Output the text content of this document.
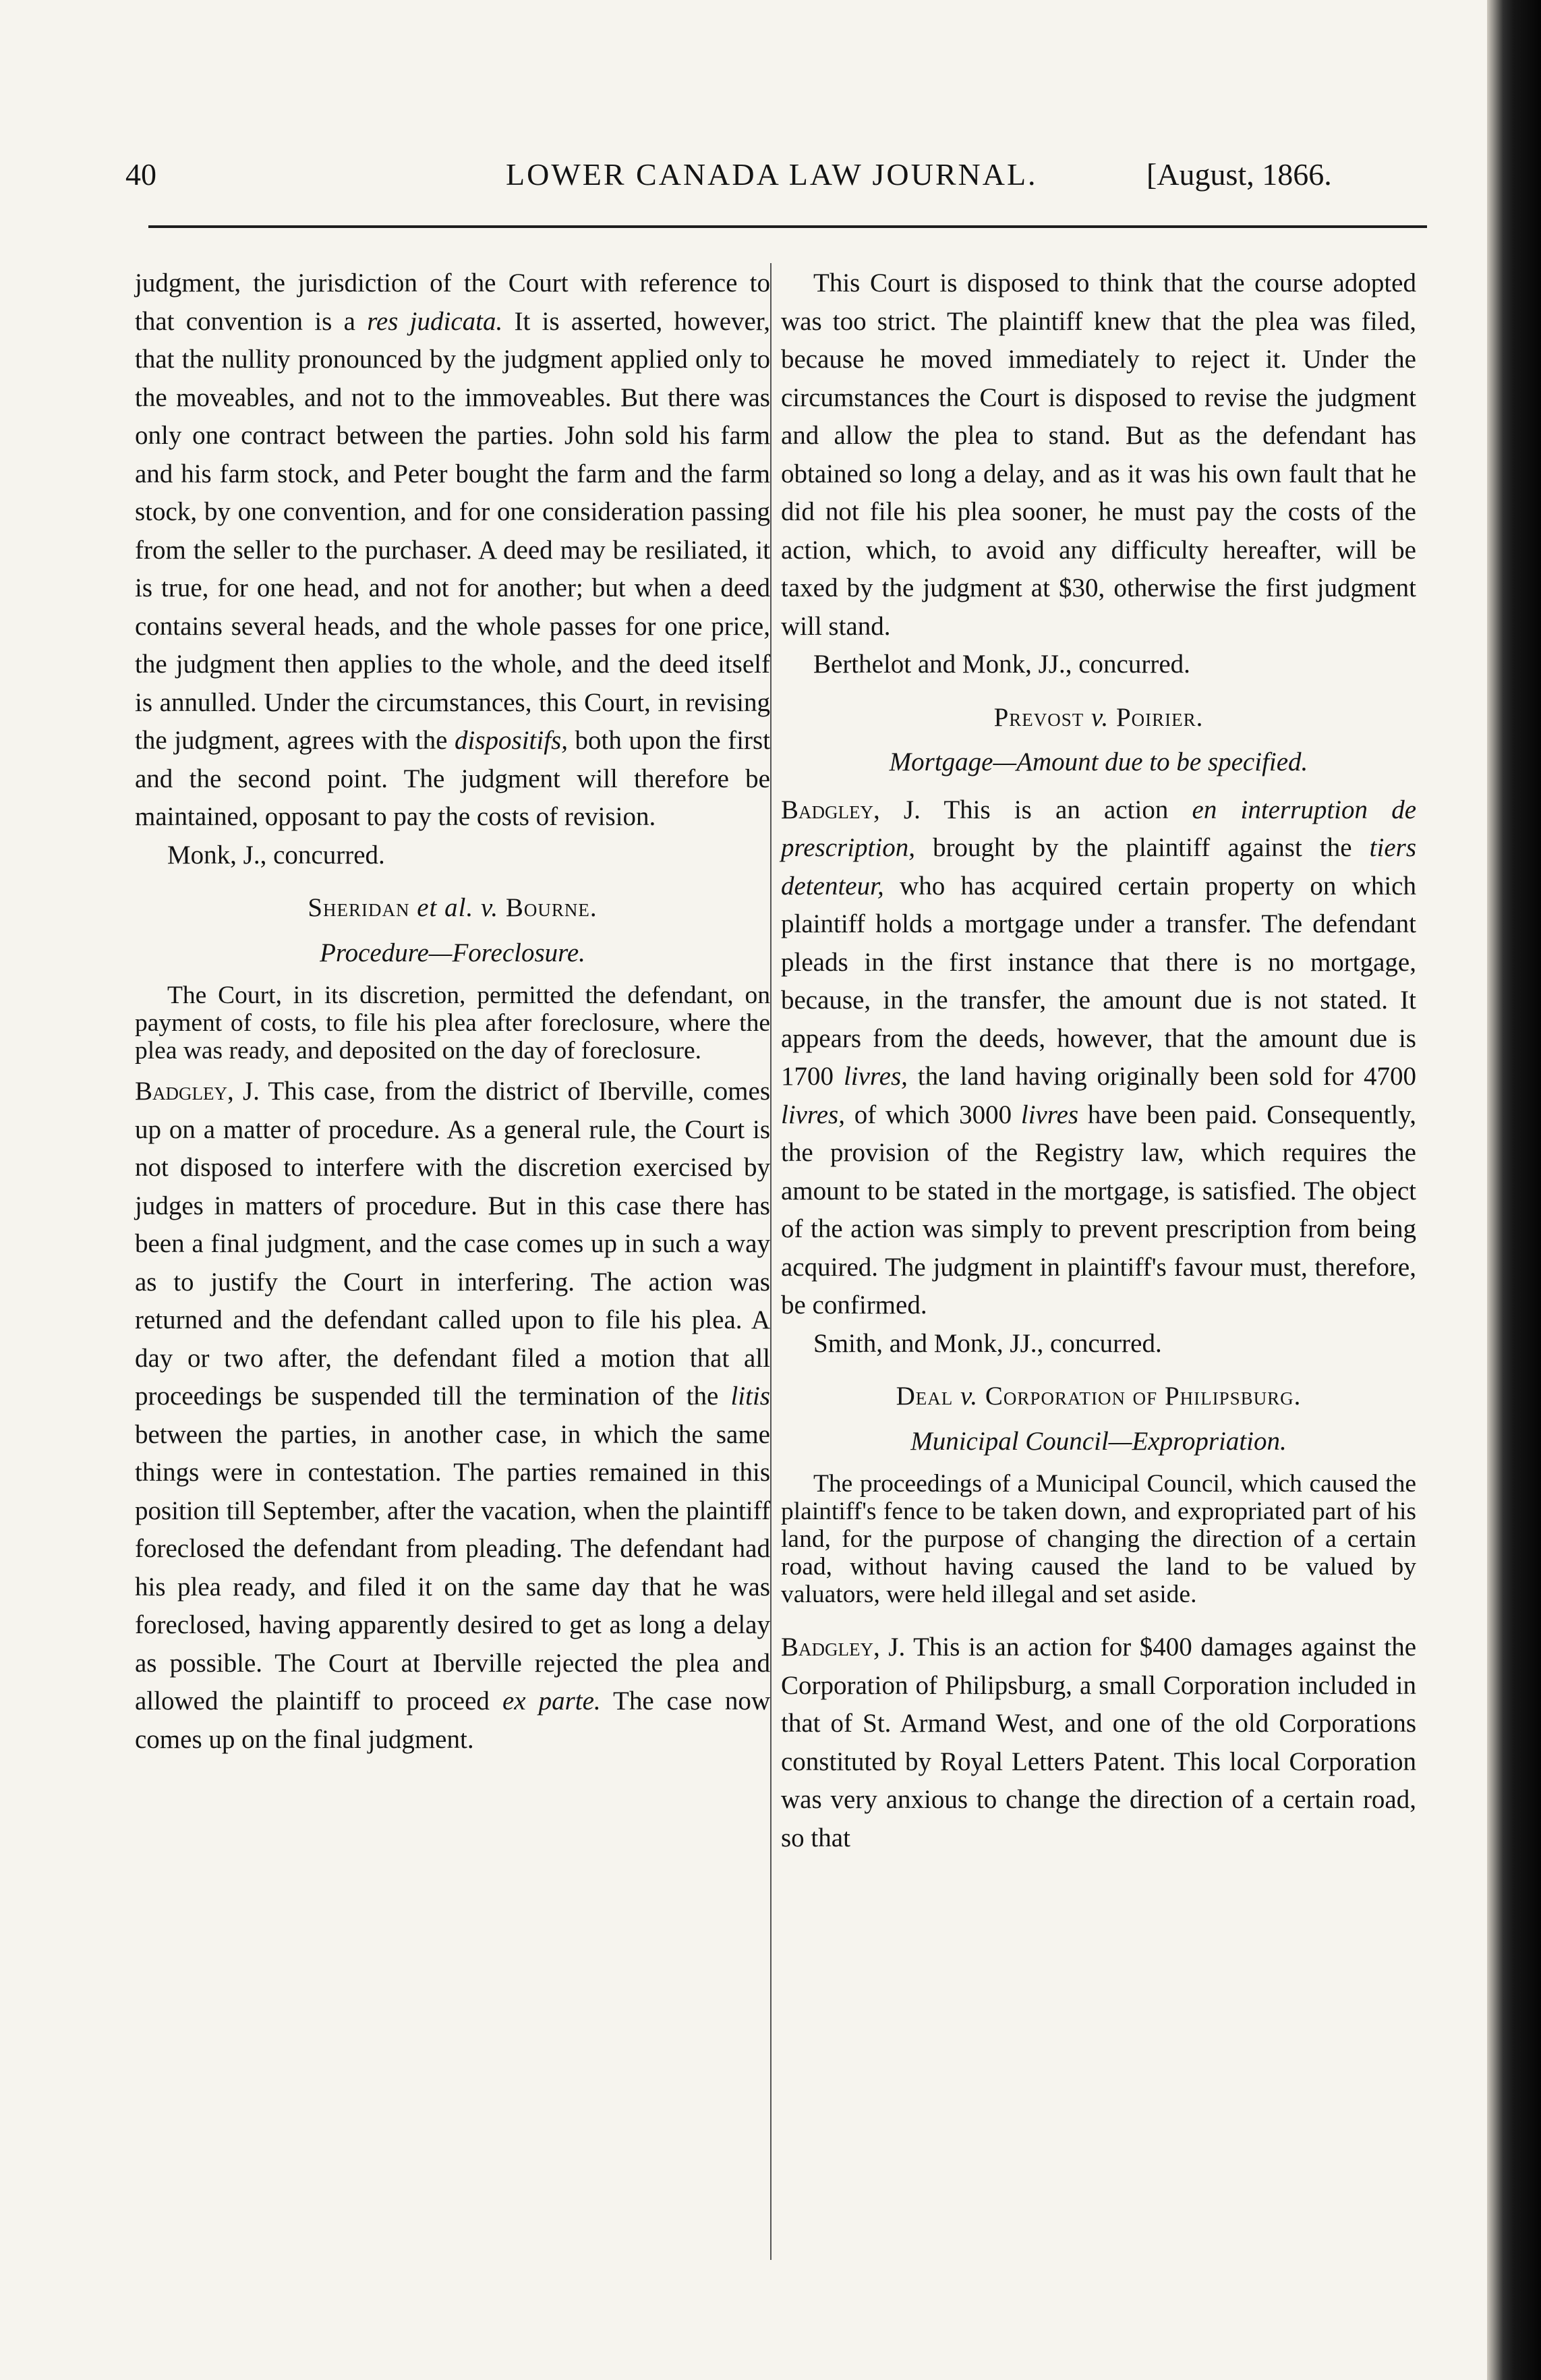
40	LOWER CANADA LAW JOURNAL.	[August, 1866.

judgment, the jurisdiction of the Court with reference to that convention is a res judicata. It is asserted, however, that the nullity pronounced by the judgment applied only to the moveables, and not to the immoveables. But there was only one contract between the parties. John sold his farm and his farm stock, and Peter bought the farm and the farm stock, by one convention, and for one consideration passing from the seller to the purchaser. A deed may be resiliated, it is true, for one head, and not for another; but when a deed contains several heads, and the whole passes for one price, the judgment then applies to the whole, and the deed itself is annulled. Under the circumstances, this Court, in revising the judgment, agrees with the dispositifs, both upon the first and the second point. The judgment will therefore be maintained, opposant to pay the costs of revision.

Monk, J., concurred.

Sheridan et al. v. Bourne.

Procedure—Foreclosure.

The Court, in its discretion, permitted the defendant, on payment of costs, to file his plea after foreclosure, where the plea was ready, and deposited on the day of foreclosure.

Badgley, J. This case, from the district of Iberville, comes up on a matter of procedure. As a general rule, the Court is not disposed to interfere with the discretion exercised by judges in matters of procedure. But in this case there has been a final judgment, and the case comes up in such a way as to justify the Court in interfering. The action was returned and the defendant called upon to file his plea. A day or two after, the defendant filed a motion that all proceedings be suspended till the termination of the litis between the parties, in another case, in which the same things were in contestation. The parties remained in this position till September, after the vacation, when the plaintiff foreclosed the defendant from pleading. The defendant had his plea ready, and filed it on the same day that he was foreclosed, having apparently desired to get as long a delay as possible. The Court at Iberville rejected the plea and allowed the plaintiff to proceed ex parte. The case now comes up on the final judgment.

This Court is disposed to think that the course adopted was too strict. The plaintiff knew that the plea was filed, because he moved immediately to reject it. Under the circumstances the Court is disposed to revise the judgment and allow the plea to stand. But as the defendant has obtained so long a delay, and as it was his own fault that he did not file his plea sooner, he must pay the costs of the action, which, to avoid any difficulty hereafter, will be taxed by the judgment at $30, otherwise the first judgment will stand.

Berthelot and Monk, JJ., concurred.

Prevost v. Poirier.

Mortgage—Amount due to be specified.

Badgley, J. This is an action en interruption de prescription, brought by the plaintiff against the tiers detenteur, who has acquired certain property on which plaintiff holds a mortgage under a transfer. The defendant pleads in the first instance that there is no mortgage, because, in the transfer, the amount due is not stated. It appears from the deeds, however, that the amount due is 1700 livres, the land having originally been sold for 4700 livres, of which 3000 livres have been paid. Consequently, the provision of the Registry law, which requires the amount to be stated in the mortgage, is satisfied. The object of the action was simply to prevent prescription from being acquired. The judgment in plaintiff's favour must, therefore, be confirmed.

Smith, and Monk, JJ., concurred.

Deal v. Corporation of Philipsburg.

Municipal Council—Expropriation.

The proceedings of a Municipal Council, which caused the plaintiff's fence to be taken down, and expropriated part of his land, for the purpose of changing the direction of a certain road, without having caused the land to be valued by valuators, were held illegal and set aside.

Badgley, J. This is an action for $400 damages against the Corporation of Philipsburg, a small Corporation included in that of St. Armand West, and one of the old Corporations constituted by Royal Letters Patent. This local Corporation was very anxious to change the direction of a certain road, so that
